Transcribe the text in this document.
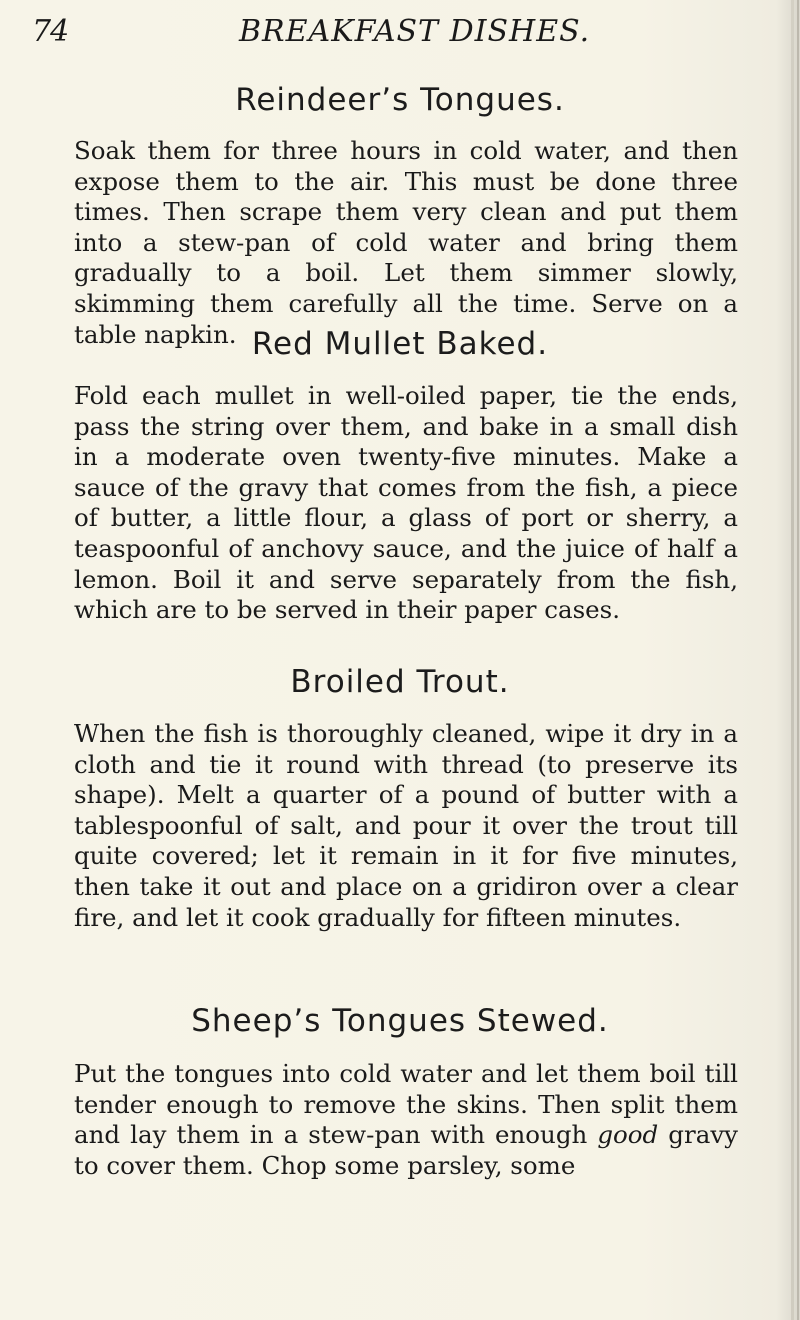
74	BREAKFAST DISHES.
Reindeer’s Tongues.
Soak them for three hours in cold water, and then expose them to the air. This must be done three times. Then scrape them very clean and put them into a stew-pan of cold water and bring them gradually to a boil. Let them simmer slowly, skimming them carefully all the time. Serve on a table napkin. Red Mullet Baked.
Fold each mullet in well-oiled paper, tie the ends, pass the string over them, and bake in a small dish in a moderate oven twenty-five minutes. Make a sauce of the gravy that comes from the fish, a piece of butter, a little flour, a glass of port or sherry, a teaspoonful of anchovy sauce, and the juice of half a lemon. Boil it and serve separately from the fish, which are to be served in their paper cases.
Broiled Trout.
When the fish is thoroughly cleaned, wipe it dry in a cloth and tie it round with thread (to preserve its shape). Melt a quarter of a pound of butter with a tablespoonful of salt, and pour it over the trout till quite covered; let it remain in it for five minutes, then take it out and place on a gridiron over a clear fire, and let it cook gradually for fifteen minutes.
Sheep’s Tongues Stewed.
Put the tongues into cold water and let them boil till tender enough to remove the skins. Then split them and lay them in a stew-pan with enough good gravy to cover them. Chop some parsley, some
